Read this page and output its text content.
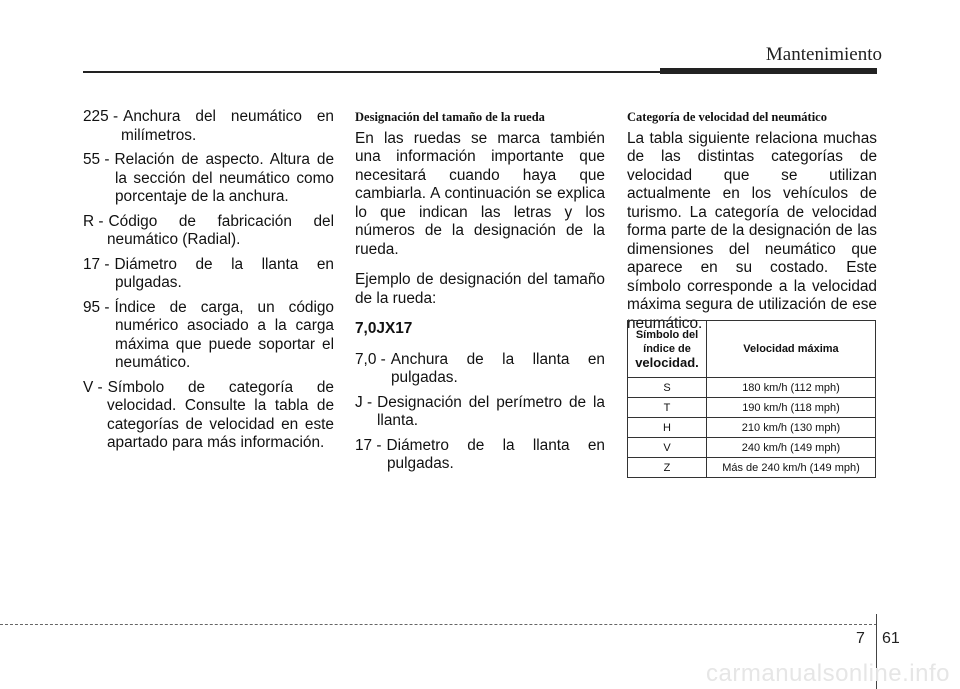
Mantenimiento
225 - Anchura del neumático en
milímetros.
55 - Relación de aspecto. Altura de
la sección del neumático como porcentaje de la anchura.
R - Código de fabricación del
neumático (Radial).
17 - Diámetro de la llanta en
pulgadas.
95 - Índice de carga, un código
numérico asociado a la carga máxima que puede soportar el neumático.
V - Símbolo de categoría de
velocidad. Consulte la tabla de categorías de velocidad en este apartado para más información.
Designación del tamaño de la rueda
En las ruedas se marca también una información importante que necesitará cuando haya que cambiarla. A continuación se explica lo que indican las letras y los números de la designación de la rueda.
Ejemplo de designación del tamaño de la rueda:
7,0JX17
7,0 - Anchura de la llanta en
pulgadas.
J - Designación del perímetro de la
llanta.
17 - Diámetro de la llanta en
pulgadas.
Categoría de velocidad del neumático
La tabla siguiente relaciona muchas de las distintas categorías de velocidad que se utilizan actualmente en los vehículos de turismo. La categoría de velocidad forma parte de la designación de las dimensiones del neumático que aparece en su costado. Este símbolo corresponde a la velocidad máxima segura de utilización de ese neumático.
Símbolo del
índice de
velocidad.	Velocidad máxima
S	180 km/h (112 mph)
T	190 km/h (118 mph)
H	210 km/h (130 mph)
V	240 km/h (149 mph)
Z	Más de 240 km/h (149 mph)
7 61
carmanualsonline.info
